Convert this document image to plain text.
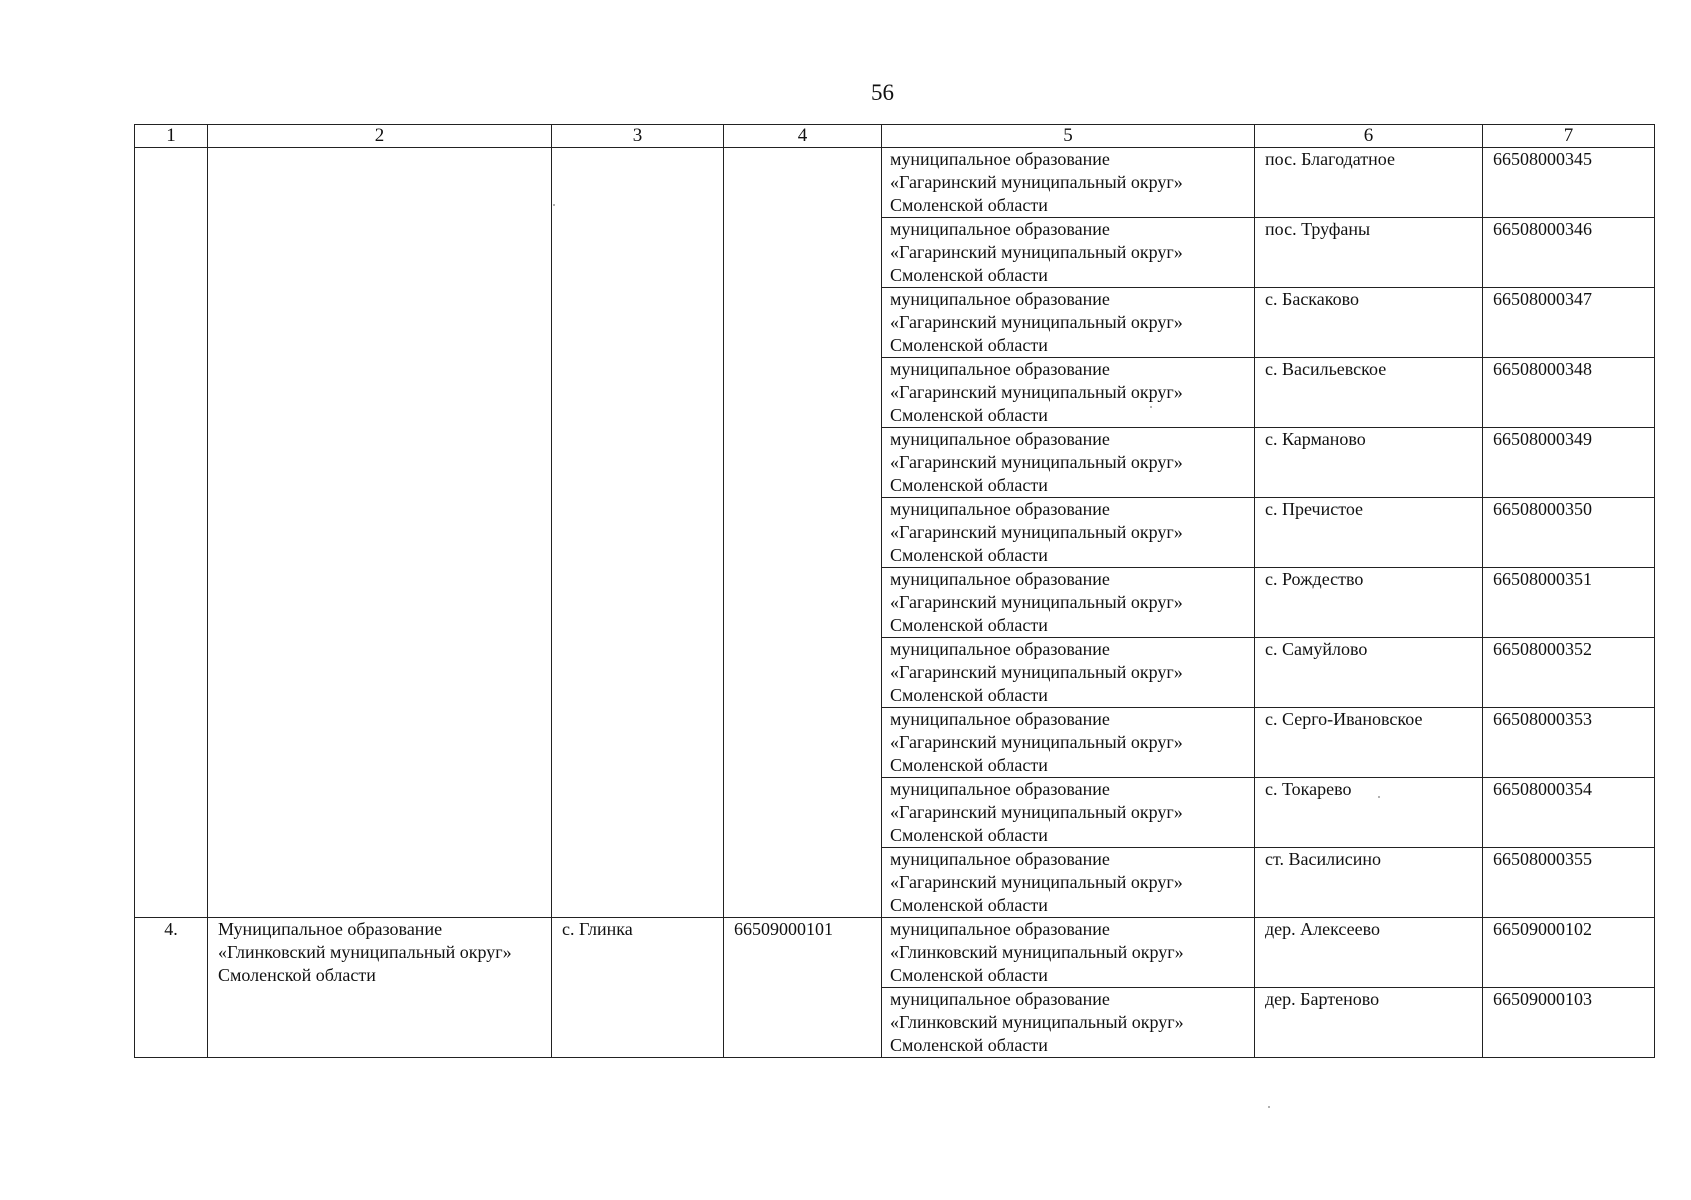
56
1	2	3	4	5	6	7

				муниципальное образование
«Гагаринский муниципальный округ»
Смоленской области	пос. Благодатное	66508000345

				муниципальное образование
«Гагаринский муниципальный округ»
Смоленской области	пос. Труфаны	66508000346

				муниципальное образование
«Гагаринский муниципальный округ»
Смоленской области	с. Баскаково	66508000347

				муниципальное образование
«Гагаринский муниципальный округ»
Смоленской области	с. Васильевское	66508000348

				муниципальное образование
«Гагаринский муниципальный округ»
Смоленской области	с. Карманово	66508000349

				муниципальное образование
«Гагаринский муниципальный округ»
Смоленской области	с. Пречистое	66508000350

				муниципальное образование
«Гагаринский муниципальный округ»
Смоленской области	с. Рождество	66508000351

				муниципальное образование
«Гагаринский муниципальный округ»
Смоленской области	с. Самуйлово	66508000352

				муниципальное образование
«Гагаринский муниципальный округ»
Смоленской области	с. Серго-Ивановское	66508000353

				муниципальное образование
«Гагаринский муниципальный округ»
Смоленской области	с. Токарево	66508000354

				муниципальное образование
«Гагаринский муниципальный округ»
Смоленской области	ст. Василисино	66508000355
4.	Муниципальное образование «Глинковский муниципальный округ» Смоленской области	с. Глинка	66509000101	муниципальное образование
«Глинковский муниципальный округ»
Смоленской области	дер. Алексеево	66509000102

				муниципальное образование
«Глинковский муниципальный округ»
Смоленской области	дер. Бартеново	66509000103
